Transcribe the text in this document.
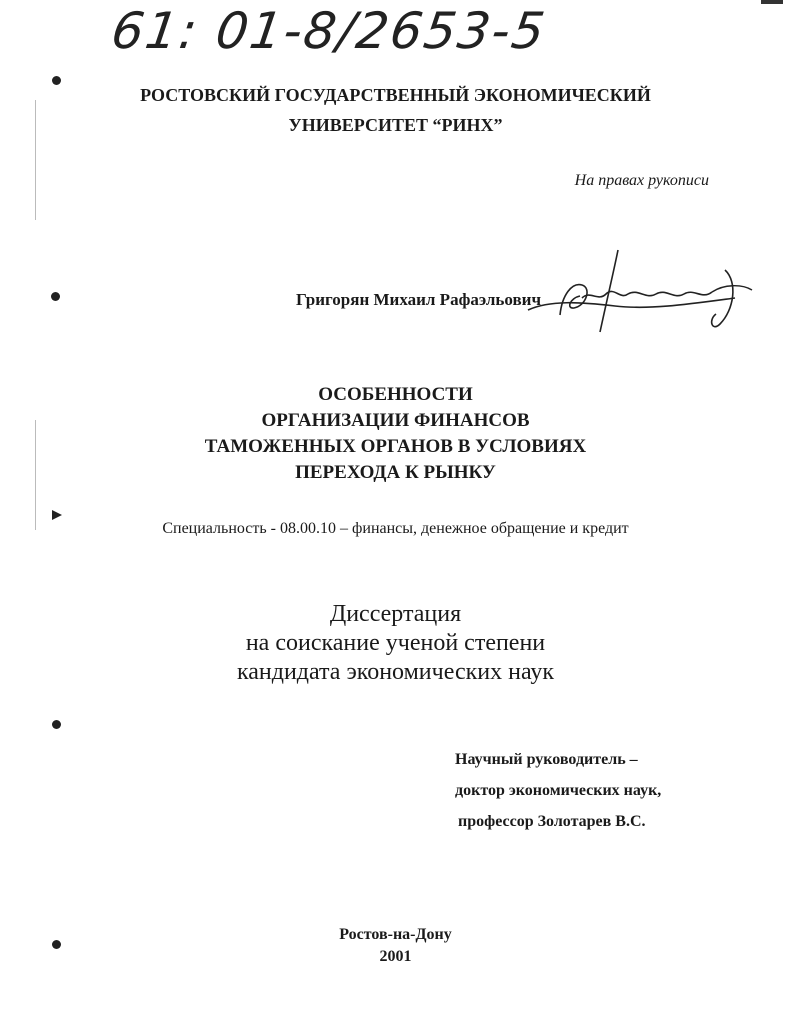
61: 01-8/2653-5
РОСТОВСКИЙ ГОСУДАРСТВЕННЫЙ ЭКОНОМИЧЕСКИЙ
УНИВЕРСИТЕТ “РИНХ”
На правах рукописи
Григорян Михаил Рафаэльович
ОСОБЕННОСТИ
ОРГАНИЗАЦИИ ФИНАНСОВ
ТАМОЖЕННЫХ ОРГАНОВ В УСЛОВИЯХ
ПЕРЕХОДА К РЫНКУ
Специальность - 08.00.10 – финансы, денежное обращение и кредит
Диссертация
на соискание ученой степени
кандидата экономических наук
Научный руководитель –
доктор экономических наук,
профессор Золотарев В.С.
Ростов-на-Дону
2001
